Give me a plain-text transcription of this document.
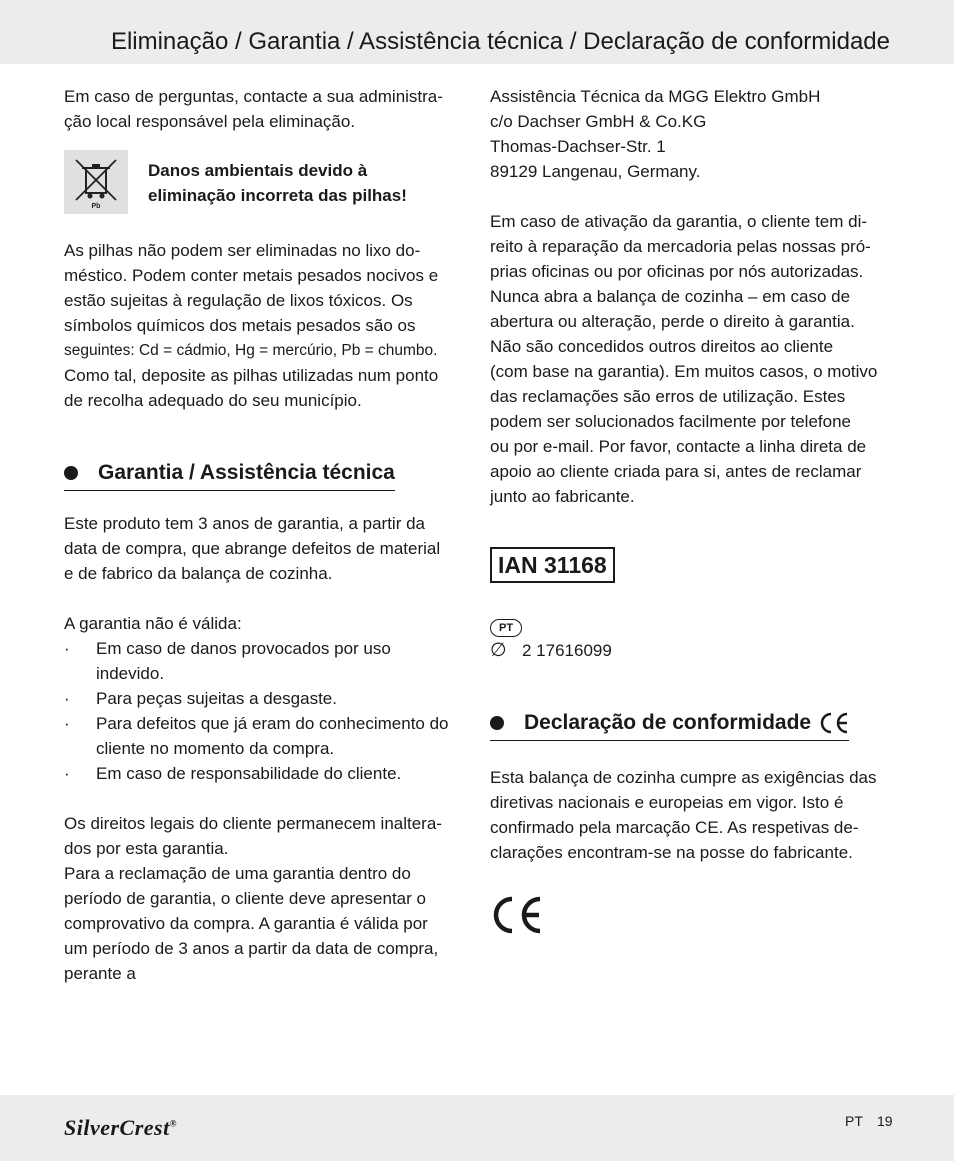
Eliminação / Garantia / Assistência técnica / Declaração de conformidade

Em caso de perguntas, contacte a sua administra-

ção local responsável pela eliminação.

Pb
Danos ambientais devido à
eliminação incorreta das pilhas!

As pilhas não podem ser eliminadas no lixo do-

méstico. Podem conter metais pesados nocivos e

estão sujeitas à regulação de lixos tóxicos. Os

símbolos químicos dos metais pesados são os

seguintes: Cd = cádmio, Hg = mercúrio, Pb = chumbo.

Como tal, deposite as pilhas utilizadas num ponto

de recolha adequado do seu município.

Garantia / Assistência técnica

Este produto tem 3 anos de garantia, a partir da

data de compra, que abrange defeitos de material

e de fabrico da balança de cozinha.

A garantia não é válida:

·	Em caso de danos provocados por uso
indevido.
·	Para peças sujeitas a desgaste.
·	Para defeitos que já eram do conhecimento do
cliente no momento da compra.
·	Em caso de responsabilidade do cliente.

Os direitos legais do cliente permanecem inaltera-

dos por esta garantia.

Para a reclamação de uma garantia dentro do

período de garantia, o cliente deve apresentar o

comprovativo da compra. A garantia é válida por

um período de 3 anos a partir da data de compra,

perante a

Assistência Técnica da MGG Elektro GmbH

c/o Dachser GmbH & Co.KG

Thomas-Dachser-Str. 1

89129 Langenau, Germany.

Em caso de ativação da garantia, o cliente tem di-

reito à reparação da mercadoria pelas nossas pró-

prias oficinas ou por oficinas por nós autorizadas.

Nunca abra a balança de cozinha – em caso de

abertura ou alteração, perde o direito à garantia.

Não são concedidos outros direitos ao cliente

(com base na garantia). Em muitos casos, o motivo

das reclamações são erros de utilização. Estes

podem ser solucionados facilmente por telefone

ou por e-mail. Por favor, contacte a linha direta de

apoio ao cliente criada para si, antes de reclamar

junto ao fabricante.

IAN 31168
PT
∅ 2 17616099
Declaração de conformidade

Esta balança de cozinha cumpre as exigências das

diretivas nacionais e europeias em vigor. Isto é

confirmado pela marcação CE. As respetivas de-

clarações encontram-se na posse do fabricante.

SilverCrest®	PT 19
